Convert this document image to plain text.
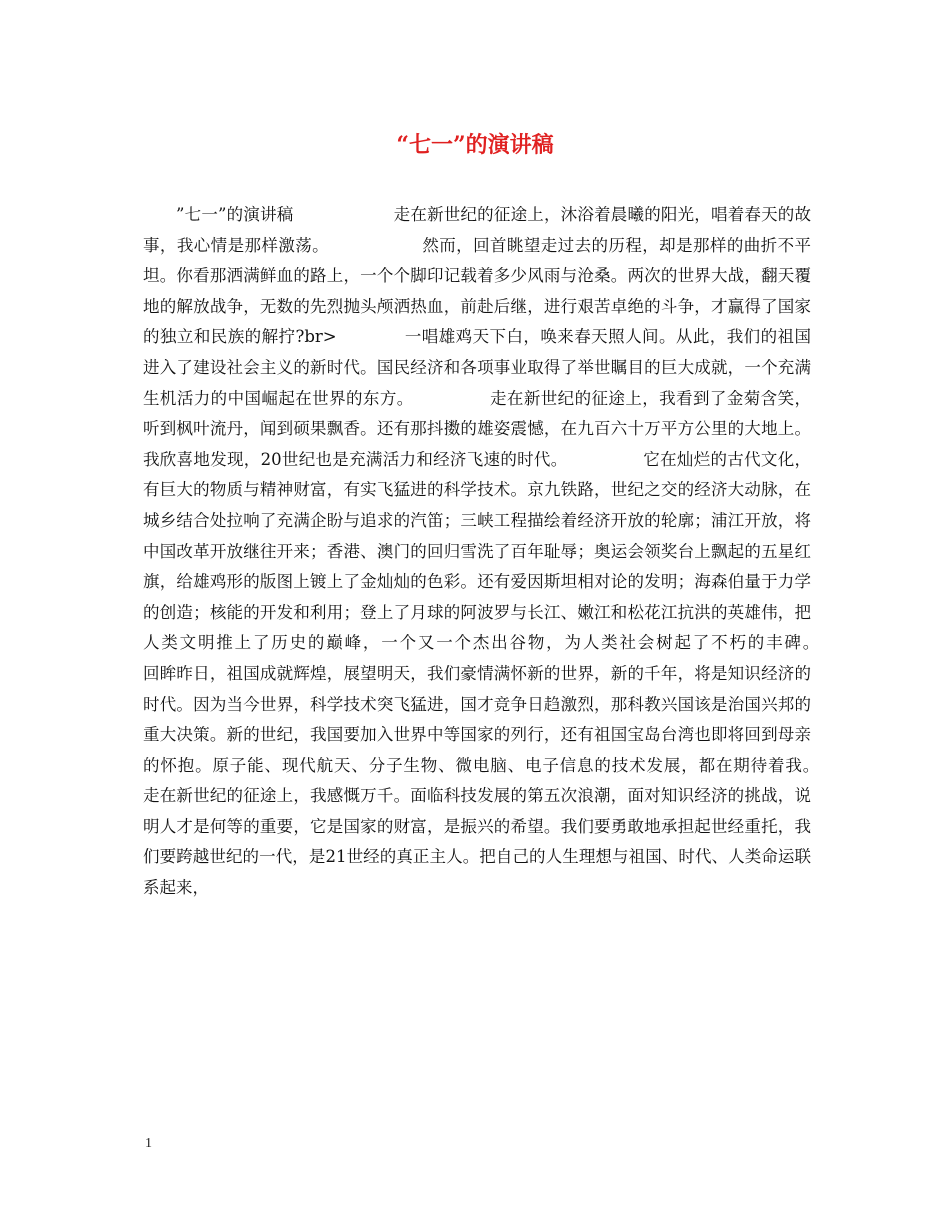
“七一”的演讲稿

”七一”的演讲稿　　　　　　走在新世纪的征途上，沐浴着晨曦的阳光，唱着春天的故事，我心情是那样激荡。　　　　　　然而，回首眺望走过去的历程，却是那样的曲折不平坦。你看那洒满鲜血的路上，一个个脚印记载着多少风雨与沧桑。两次的世界大战，翻天覆地的解放战争，无数的先烈抛头颅洒热血，前赴后继，进行艰苦卓绝的斗争，才赢得了国家的独立和民族的解拧?br>　　　　一唱雄鸡天下白，唤来春天照人间。从此，我们的祖国进入了建设社会主义的新时代。国民经济和各项事业取得了举世瞩目的巨大成就，一个充满生机活力的中国崛起在世界的东方。　　　　　走在新世纪的征途上，我看到了金菊含笑，听到枫叶流丹，闻到硕果飘香。还有那抖擞的雄姿震憾，在九百六十万平方公里的大地上。我欣喜地发现，20世纪也是充满活力和经济飞速的时代。　　　　　它在灿烂的古代文化，有巨大的物质与精神财富，有实飞猛进的科学技术。京九铁路，世纪之交的经济大动脉，在城乡结合处拉响了充满企盼与追求的汽笛；三峡工程描绘着经济开放的轮廓；浦江开放，将中国改革开放继往开来；香港、澳门的回归雪洗了百年耻辱；奥运会领奖台上飘起的五星红旗，给雄鸡形的版图上镀上了金灿灿的色彩。还有爱因斯坦相对论的发明；海森伯量于力学的创造；核能的开发和利用；登上了月球的阿波罗与长江、嫩江和松花江抗洪的英雄伟，把人类文明推上了历史的巅峰，一个又一个杰出谷物，为人类社会树起了不朽的丰碑。　　　　　回眸昨日，祖国成就辉煌，展望明天，我们豪情满怀新的世界，新的千年，将是知识经济的时代。因为当今世界，科学技术突飞猛进，国才竞争日趋激烈，那科教兴国该是治国兴邦的重大决策。新的世纪，我国要加入世界中等国家的列行，还有祖国宝岛台湾也即将回到母亲的怀抱。原子能、现代航天、分子生物、微电脑、电子信息的技术发展，都在期待着我。　　　　　走在新世纪的征途上，我感慨万千。面临科技发展的第五次浪潮，面对知识经济的挑战，说明人才是何等的重要，它是国家的财富，是振兴的希望。我们要勇敢地承担起世经重托，我们要跨越世纪的一代，是21世经的真正主人。把自己的人生理想与祖国、时代、人类命运联系起来，

1
